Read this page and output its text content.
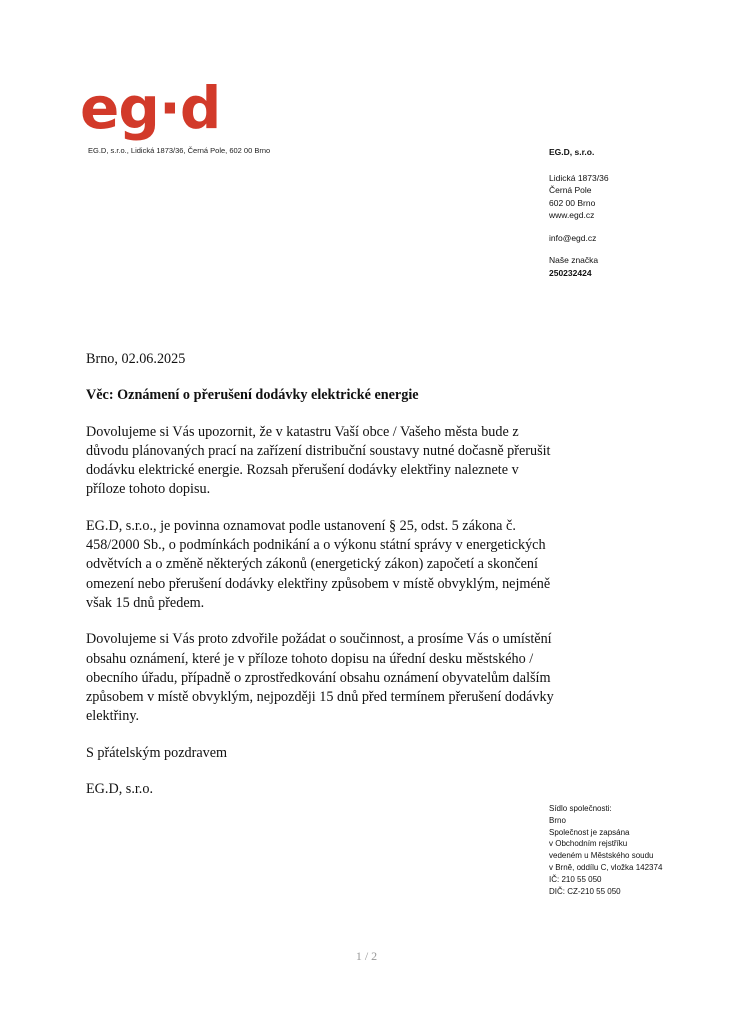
eg·d
EG.D, s.r.o., Lidická 1873/36, Černá Pole, 602 00 Brno	EG.D, s.r.o.
Lidická 1873/36
Černá Pole
602 00 Brno
www.egd.cz
info@egd.cz
Naše značka
250232424

Brno, 02.06.2025

Věc: Oznámení o přerušení dodávky elektrické energie

Dovolujeme si Vás upozornit, že v katastru Vaší obce / Vašeho města bude z důvodu plánovaných prací na zařízení distribuční soustavy nutné dočasně přerušit dodávku elektrické energie. Rozsah přerušení dodávky elektřiny naleznete v příloze tohoto dopisu.

EG.D, s.r.o., je povinna oznamovat podle ustanovení § 25, odst. 5 zákona č. 458/2000 Sb., o podmínkách podnikání a o výkonu státní správy v energetických odvětvích a o změně některých zákonů (energetický zákon) započetí a skončení omezení nebo přerušení dodávky elektřiny způsobem v místě obvyklým, nejméně však 15 dnů předem.

Dovolujeme si Vás proto zdvořile požádat o součinnost, a prosíme Vás o umístění obsahu oznámení, které je v příloze tohoto dopisu na úřední desku městského / obecního úřadu, případně o zprostředkování obsahu oznámení obyvatelům dalším způsobem v místě obvyklým, nejpozději 15 dnů před termínem přerušení dodávky elektřiny.

S přátelským pozdravem

EG.D, s.r.o.

Sídlo společnosti:
Brno
Společnost je zapsána
v Obchodním rejstříku
vedeném u Městského soudu
v Brně, oddílu C, vložka 142374
IČ: 210 55 050
DIČ: CZ-210 55 050
1 / 2
